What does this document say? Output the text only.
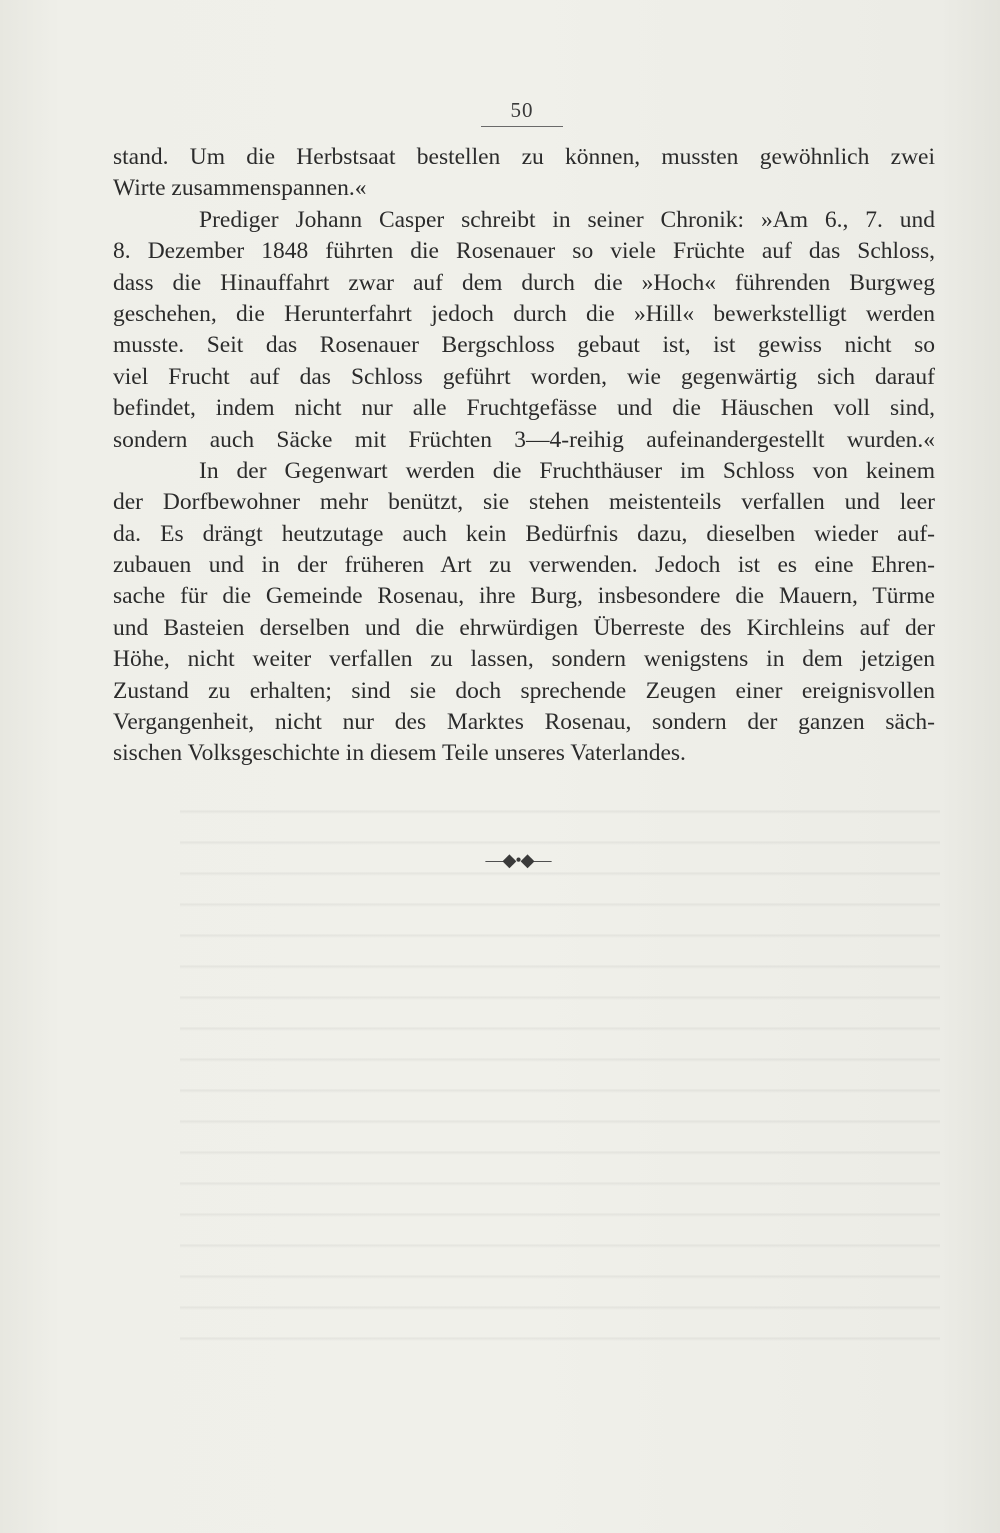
50
stand. Um die Herbstsaat bestellen zu können, mussten gewöhnlich zwei
Wirte zusammenspannen.«
Prediger Johann Casper schreibt in seiner Chronik: »Am 6., 7. und
8. Dezember 1848 führten die Rosenauer so viele Früchte auf das Schloss,
dass die Hinauffahrt zwar auf dem durch die »Hoch« führenden Burgweg
geschehen, die Herunterfahrt jedoch durch die »Hill« bewerkstelligt werden
musste. Seit das Rosenauer Bergschloss gebaut ist, ist gewiss nicht so
viel Frucht auf das Schloss geführt worden, wie gegenwärtig sich darauf
befindet, indem nicht nur alle Fruchtgefässe und die Häuschen voll sind,
sondern auch Säcke mit Früchten 3—4-reihig aufeinandergestellt wurden.«
In der Gegenwart werden die Fruchthäuser im Schloss von keinem
der Dorfbewohner mehr benützt, sie stehen meistenteils verfallen und leer
da. Es drängt heutzutage auch kein Bedürfnis dazu, dieselben wieder auf-
zubauen und in der früheren Art zu verwenden. Jedoch ist es eine Ehren-
sache für die Gemeinde Rosenau, ihre Burg, insbesondere die Mauern, Türme
und Basteien derselben und die ehrwürdigen Überreste des Kirchleins auf der
Höhe, nicht weiter verfallen zu lassen, sondern wenigstens in dem jetzigen
Zustand zu erhalten; sind sie doch sprechende Zeugen einer ereignisvollen
Vergangenheit, nicht nur des Marktes Rosenau, sondern der ganzen säch-
sischen Volksgeschichte in diesem Teile unseres Vaterlandes.
—◆•◆—
